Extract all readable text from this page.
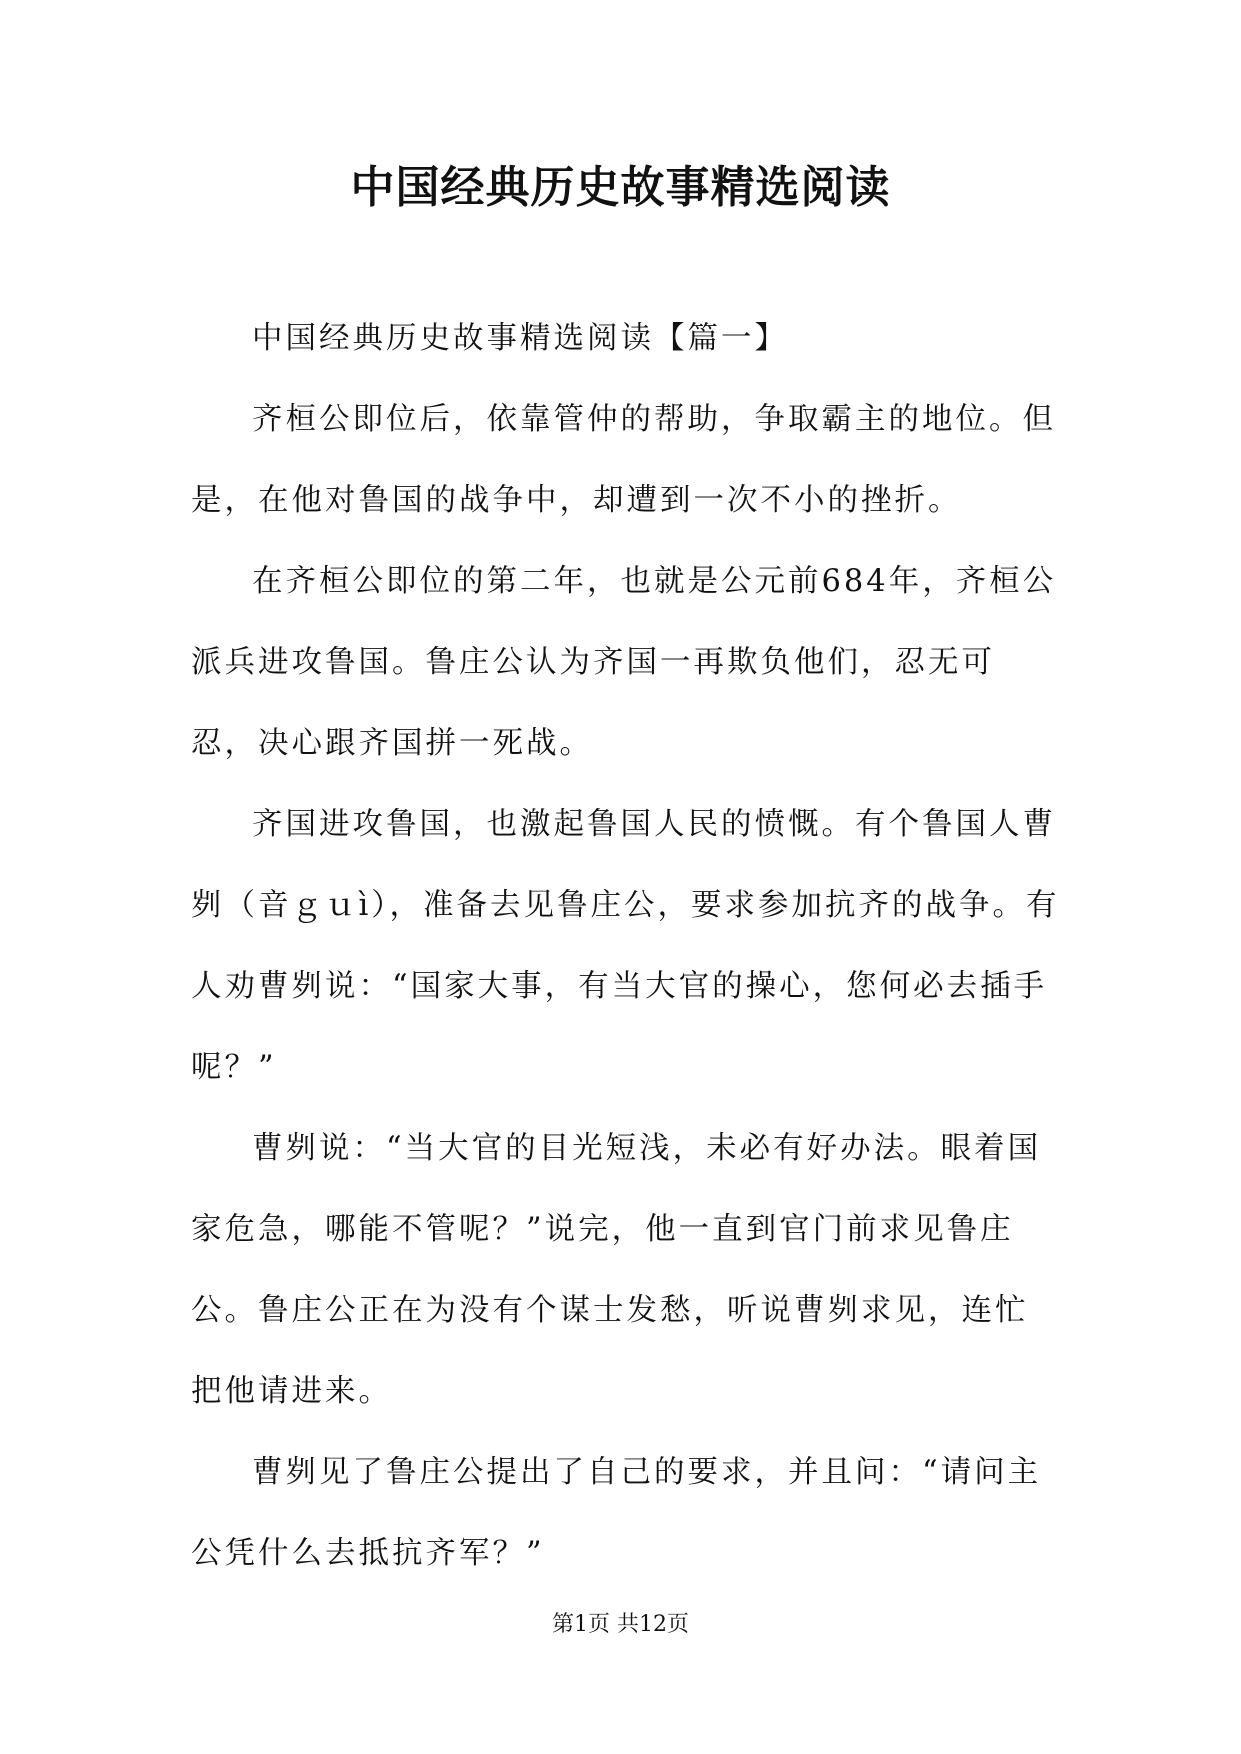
中国经典历史故事精选阅读

中国经典历史故事精选阅读【篇一】

齐桓公即位后，依靠管仲的帮助，争取霸主的地位。但是，在他对鲁国的战争中，却遭到一次不小的挫折。

在齐桓公即位的第二年，也就是公元前684年，齐桓公派兵进攻鲁国。鲁庄公认为齐国一再欺负他们，忍无可忍，决心跟齐国拼一死战。

齐国进攻鲁国，也激起鲁国人民的愤慨。有个鲁国人曹刿（音ｇｕì），准备去见鲁庄公，要求参加抗齐的战争。有人劝曹刿说：“国家大事，有当大官的操心，您何必去插手呢？”

曹刿说：“当大官的目光短浅，未必有好办法。眼着国家危急，哪能不管呢？”说完，他一直到官门前求见鲁庄公。鲁庄公正在为没有个谋士发愁，听说曹刿求见，连忙把他请进来。

曹刿见了鲁庄公提出了自己的要求，并且问：“请问主公凭什么去抵抗齐军？”

第1页 共12页
